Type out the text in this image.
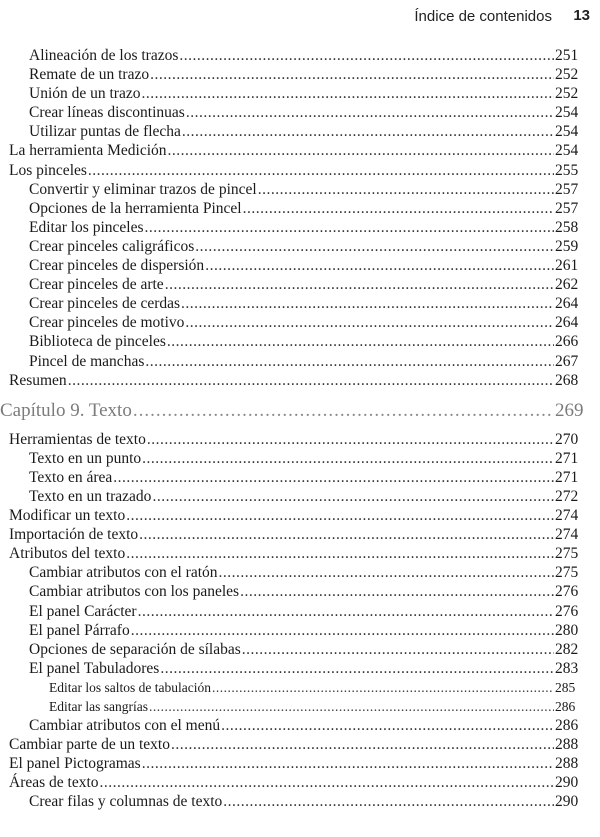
Índice de contenidos 13
Alineación de los trazos .....	251
Remate de un trazo .....	252
Unión de un trazo .....	252
Crear líneas discontinuas .....	254
Utilizar puntas de flecha .....	254
La herramienta Medición .....	254
Los pinceles .....	255
Convertir y eliminar trazos de pincel .....	257
Opciones de la herramienta Pincel .....	257
Editar los pinceles .....	258
Crear pinceles caligráficos .....	259
Crear pinceles de dispersión .....	261
Crear pinceles de arte .....	262
Crear pinceles de cerdas .....	264
Crear pinceles de motivo .....	264
Biblioteca de pinceles .....	266
Pincel de manchas .....	267
Resumen .....	268
Capítulo 9. Texto .....	269
Herramientas de texto .....	270
Texto en un punto .....	271
Texto en área .....	271
Texto en un trazado .....	272
Modificar un texto .....	274
Importación de texto .....	274
Atributos del texto .....	275
Cambiar atributos con el ratón .....	275
Cambiar atributos con los paneles .....	276
El panel Carácter .....	276
El panel Párrafo .....	280
Opciones de separación de sílabas .....	282
El panel Tabuladores .....	283
Editar los saltos de tabulación .....	285
Editar las sangrías .....	286
Cambiar atributos con el menú .....	286
Cambiar parte de un texto .....	288
El panel Pictogramas .....	288
Áreas de texto .....	290
Crear filas y columnas de texto .....	290
